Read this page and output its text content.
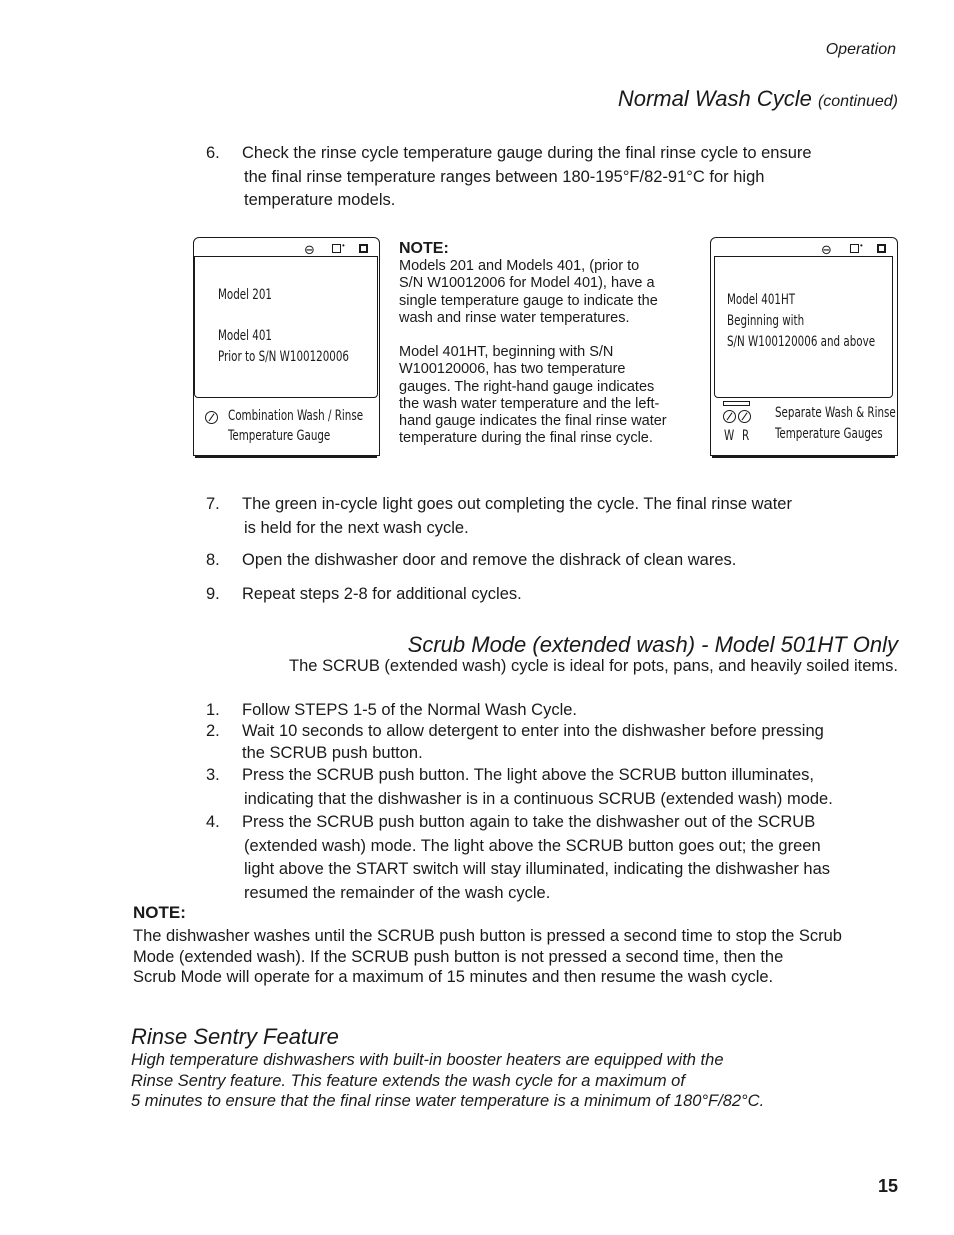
Operation
Normal Wash Cycle (continued)
6. Check the rinse cycle temperature gauge during the final rinse cycle to ensure
the final rinse temperature ranges between 180-195°F/82-91°C for high
temperature models.
⊖	•
Model 201
Model 401
Prior to S/N W100120006
Combination Wash / Rinse
Temperature Gauge
NOTE:
Models 201 and Models 401, (prior to
S/N W10012006 for Model 401), have a
single temperature gauge to indicate the
wash and rinse water temperatures.
Model 401HT, beginning with S/N
W100120006, has two temperature
gauges. The right-hand gauge indicates
the wash water temperature and the left-
hand gauge indicates the final rinse water
temperature during the final rinse cycle.
⊖	•
Model 401HT
Beginning with
S/N W100120006 and above
W R
Separate Wash & Rinse
Temperature Gauges
7. The green in-cycle light goes out completing the cycle. The final rinse water
is held for the next wash cycle.
8. Open the dishwasher door and remove the dishrack of clean wares.
9. Repeat steps 2-8 for additional cycles.
Scrub Mode (extended wash) - Model 501HT Only
The SCRUB (extended wash) cycle is ideal for pots, pans, and heavily soiled items.
1. Follow STEPS 1-5 of the Normal Wash Cycle.
2. Wait 10 seconds to allow detergent to enter into the dishwasher before pressing
the SCRUB push button.
3. Press the SCRUB push button. The light above the SCRUB button illuminates,
indicating that the dishwasher is in a continuous SCRUB (extended wash) mode.
4. Press the SCRUB push button again to take the dishwasher out of the SCRUB
(extended wash) mode. The light above the SCRUB button goes out; the green
light above the START switch will stay illuminated, indicating the dishwasher has
resumed the remainder of the wash cycle.
NOTE:
The dishwasher washes until the SCRUB push button is pressed a second time to stop the Scrub
Mode (extended wash). If the SCRUB push button is not pressed a second time, then the
Scrub Mode will operate for a maximum of 15 minutes and then resume the wash cycle.
Rinse Sentry Feature
High temperature dishwashers with built-in booster heaters are equipped with the
Rinse Sentry feature. This feature extends the wash cycle for a maximum of
5 minutes to ensure that the final rinse water temperature is a minimum of 180°F/82°C.
15
